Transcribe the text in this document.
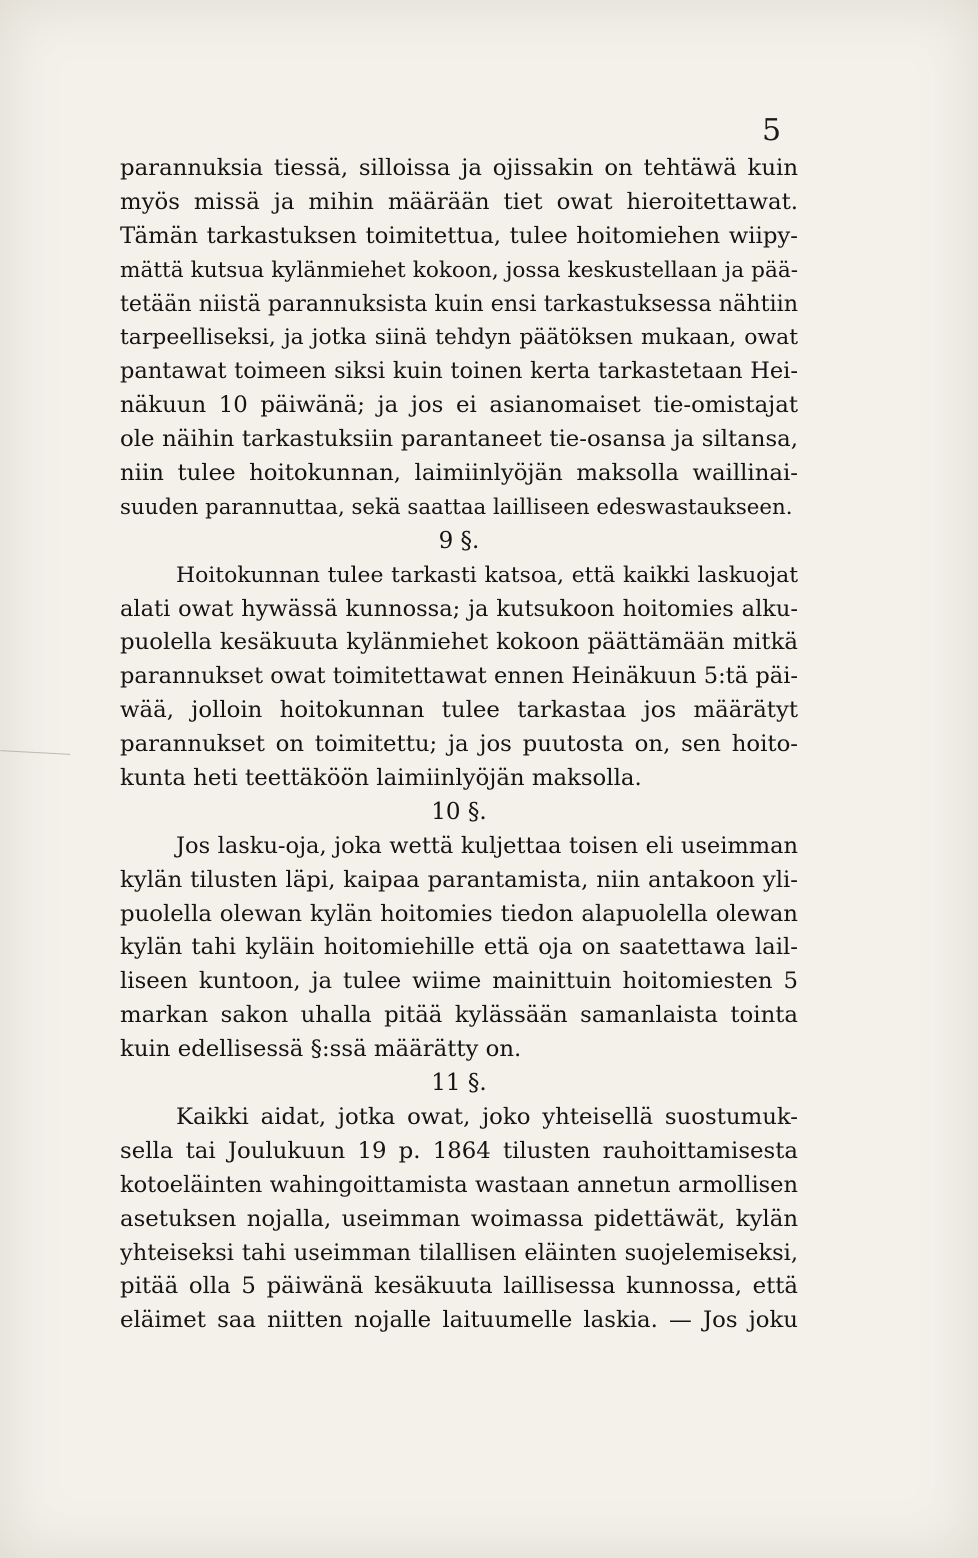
5
parannuksia tiessä, silloissa ja ojissakin on tehtäwä kuin
myös missä ja mihin määrään tiet owat hieroitettawat.
Tämän tarkastuksen toimitettua, tulee hoitomiehen wiipy-
mättä kutsua kylänmiehet kokoon, jossa keskustellaan ja pää-
tetään niistä parannuksista kuin ensi tarkastuksessa nähtiin
tarpeelliseksi, ja jotka siinä tehdyn päätöksen mukaan, owat
pantawat toimeen siksi kuin toinen kerta tarkastetaan Hei-
näkuun 10 päiwänä; ja jos ei asianomaiset tie-omistajat
ole näihin tarkastuksiin parantaneet tie-osansa ja siltansa,
niin tulee hoitokunnan, laimiinlyöjän maksolla waillinai-
suuden parannuttaa, sekä saattaa lailliseen edeswastaukseen.
9 §.
Hoitokunnan tulee tarkasti katsoa, että kaikki laskuojat
alati owat hywässä kunnossa; ja kutsukoon hoitomies alku-
puolella kesäkuuta kylänmiehet kokoon päättämään mitkä
parannukset owat toimitettawat ennen Heinäkuun 5:tä päi-
wää, jolloin hoitokunnan tulee tarkastaa jos määrätyt
parannukset on toimitettu; ja jos puutosta on, sen hoito-
kunta heti teettäköön laimiinlyöjän maksolla.
10 §.
Jos lasku-oja, joka wettä kuljettaa toisen eli useimman
kylän tilusten läpi, kaipaa parantamista, niin antakoon yli-
puolella olewan kylän hoitomies tiedon alapuolella olewan
kylän tahi kyläin hoitomiehille että oja on saatettawa lail-
liseen kuntoon, ja tulee wiime mainittuin hoitomiesten 5
markan sakon uhalla pitää kylässään samanlaista tointa
kuin edellisessä §:ssä määrätty on.
11 §.
Kaikki aidat, jotka owat, joko yhteisellä suostumuk-
sella tai Joulukuun 19 p. 1864 tilusten rauhoittamisesta
kotoeläinten wahingoittamista wastaan annetun armollisen
asetuksen nojalla, useimman woimassa pidettäwät, kylän
yhteiseksi tahi useimman tilallisen eläinten suojelemiseksi,
pitää olla 5 päiwänä kesäkuuta laillisessa kunnossa, että
eläimet saa niitten nojalle laituumelle laskia. — Jos joku
